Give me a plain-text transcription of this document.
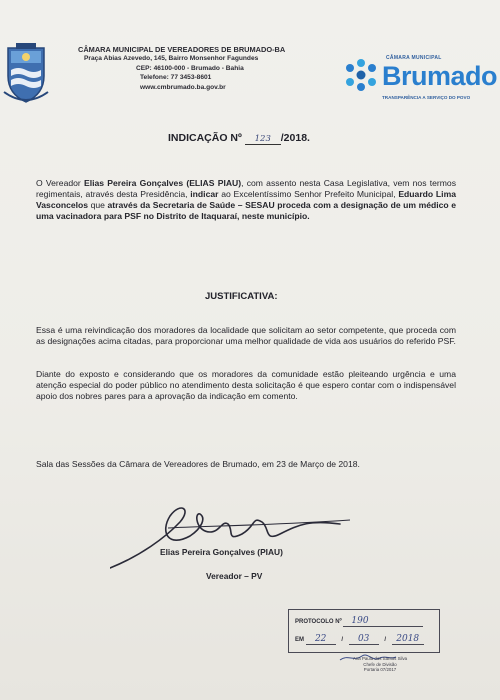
CÂMARA MUNICIPAL DE VEREADORES DE BRUMADO-BA
Praça Abias Azevedo, 145, Bairro Monsenhor Fagundes
CEP: 46100-000 - Brumado - Bahia
Telefone: 77 3453-8601
www.cmbrumado.ba.gov.br
CÂMARA MUNICIPAL
Brumado
TRANSPARÊNCIA A SERVIÇO DO POVO
INDICAÇÃO Nº 123 /2018.
O Vereador Elias Pereira Gonçalves (ELIAS PIAU), com assento nesta Casa Legislativa, vem nos termos regimentais, através desta Presidência, indicar ao Excelentíssimo Senhor Prefeito Municipal, Eduardo Lima Vasconcelos que através da Secretaria de Saúde – SESAU proceda com a designação de um médico e uma vacinadora para PSF no Distrito de Itaquaraí, neste município.
JUSTIFICATIVA:
Essa é uma reivindicação dos moradores da localidade que solicitam ao setor competente, que proceda com as designações acima citadas, para proporcionar uma melhor qualidade de vida aos usuários do referido PSF.
Diante do exposto e considerando que os moradores da comunidade estão pleiteando urgência e uma atenção especial do poder público no atendimento desta solicitação é que espero contar com o indispensável apoio dos nobres pares para a aprovação da indicação em comento.
Sala das Sessões da Câmara de Vereadores de Brumado, em 23 de Março de 2018.
Elias Pereira Gonçalves (PIAU)
Vereador – PV
PROTOCOLO Nº 190
EM 22 / 03 / 2018
Ana Paula dos Santos Silva
Chefe de Divisão
Portaria 07/2017
